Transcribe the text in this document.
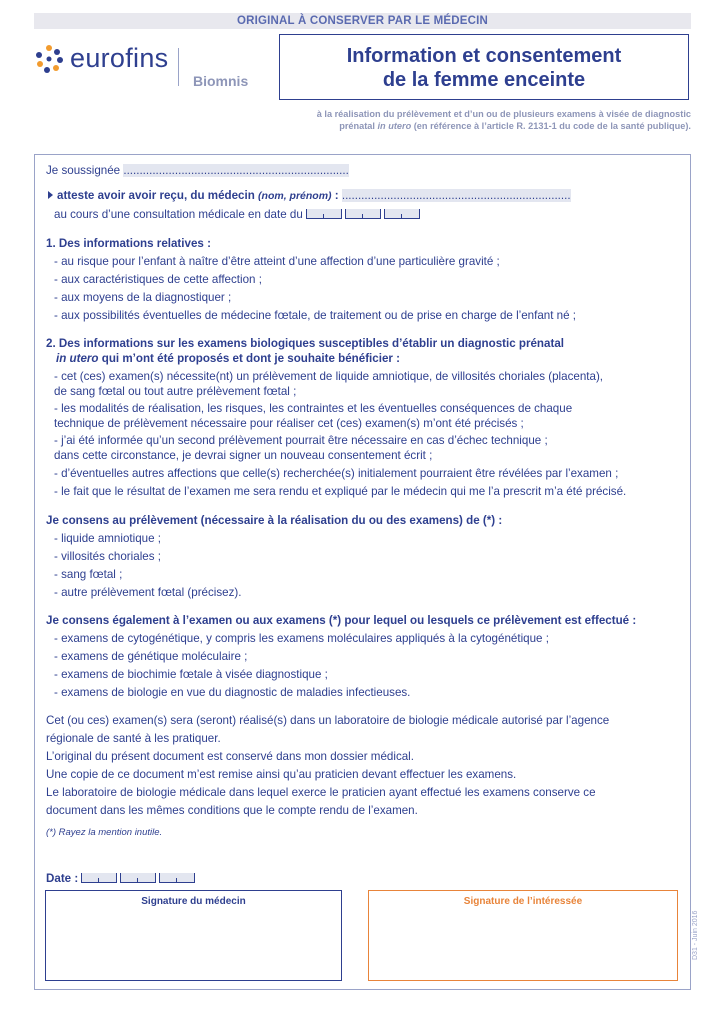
ORIGINAL À CONSERVER PAR LE MÉDECIN
eurofins
Biomnis
Information et consentement
de la femme enceinte
à la réalisation du prélèvement et d’un ou de plusieurs examens à visée de diagnostic
prénatal in utero (en référence à l’article R. 2131-1 du code de la santé publique).
Je soussignée ......................................................................
atteste avoir avoir reçu, du médecin (nom, prénom) : .......................................................................
au cours d’une consultation médicale en date du
1. Des informations relatives :
- au risque pour l’enfant à naître d’être atteint d’une affection d’une particulière gravité ;
- aux caractéristiques de cette affection ;
- aux moyens de la diagnostiquer ;
- aux possibilités éventuelles de médecine fœtale, de traitement ou de prise en charge de l’enfant né ;
2. Des informations sur les examens biologiques susceptibles d’établir un diagnostic prénatal
in utero qui m’ont été proposés et dont je souhaite bénéficier :
- cet (ces) examen(s) nécessite(nt) un prélèvement de liquide amniotique, de villosités choriales (placenta),
de sang fœtal ou tout autre prélèvement fœtal ;
- les modalités de réalisation, les risques, les contraintes et les éventuelles conséquences de chaque
technique de prélèvement nécessaire pour réaliser cet (ces) examen(s) m’ont été précisés ;
- j’ai été informée qu’un second prélèvement pourrait être nécessaire en cas d’échec technique ;
dans cette circonstance, je devrai signer un nouveau consentement écrit ;
- d’éventuelles autres affections que celle(s) recherchée(s) initialement pourraient être révélées par l’examen ;
- le fait que le résultat de l’examen me sera rendu et expliqué par le médecin qui me l’a prescrit m’a été précisé.
Je consens au prélèvement (nécessaire à la réalisation du ou des examens) de (*) :
- liquide amniotique ;
- villosités choriales ;
- sang fœtal ;
- autre prélèvement fœtal (précisez).
Je consens également à l’examen ou aux examens (*) pour lequel ou lesquels ce prélèvement est effectué :
- examens de cytogénétique, y compris les examens moléculaires appliqués à la cytogénétique ;
- examens de génétique moléculaire ;
- examens de biochimie fœtale à visée diagnostique ;
- examens de biologie en vue du diagnostic de maladies infectieuses.
Cet (ou ces) examen(s) sera (seront) réalisé(s) dans un laboratoire de biologie médicale autorisé par l’agence
régionale de santé à les pratiquer.
L’original du présent document est conservé dans mon dossier médical.
Une copie de ce document m’est remise ainsi qu’au praticien devant effectuer les examens.
Le laboratoire de biologie médicale dans lequel exerce le praticien ayant effectué les examens conserve ce
document dans les mêmes conditions que le compte rendu de l’examen.
(*) Rayez la mention inutile.
Date :
Signature du médecin	Signature de l’intéressée
D31 - Juin 2016
